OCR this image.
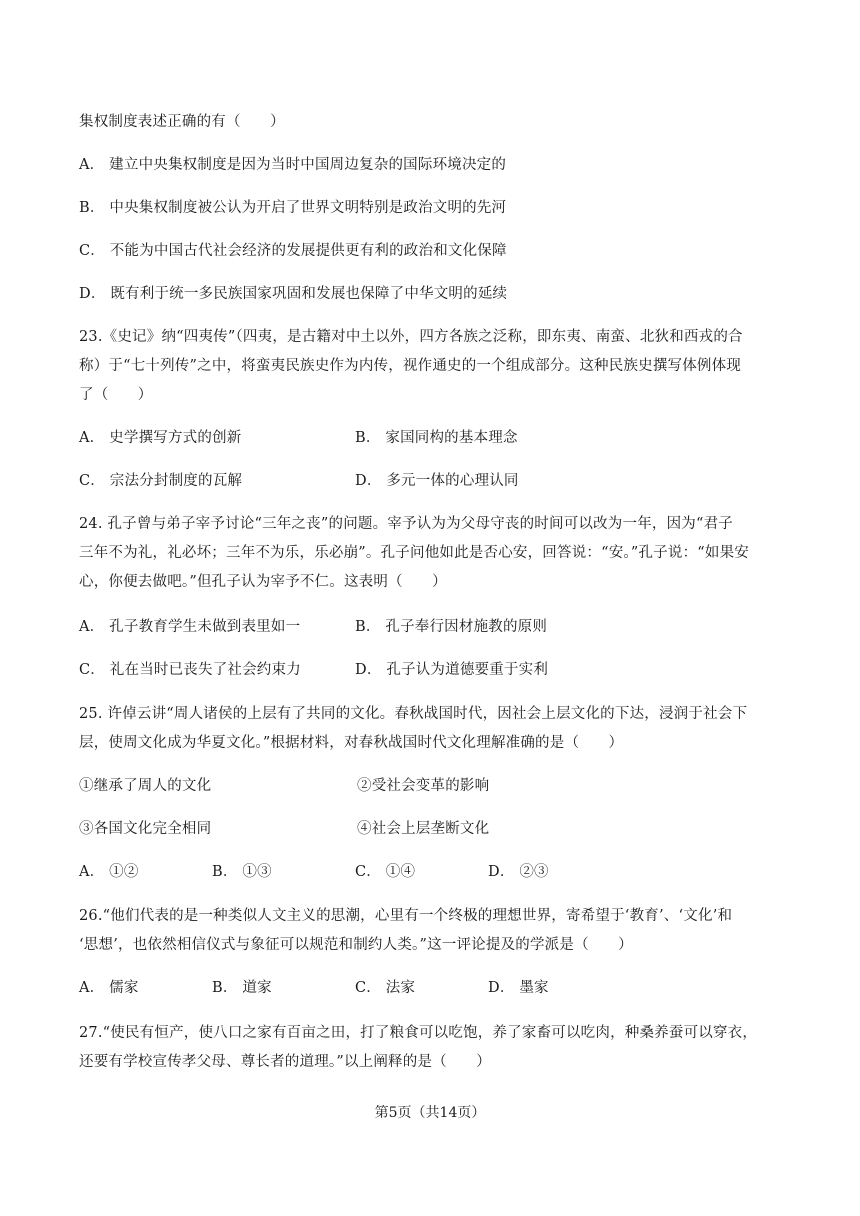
集权制度表述正确的有（　　）
A． 建立中央集权制度是因为当时中国周边复杂的国际环境决定的
B． 中央集权制度被公认为开启了世界文明特别是政治文明的先河
C． 不能为中国古代社会经济的发展提供更有利的政治和文化保障
D． 既有利于统一多民族国家巩固和发展也保障了中华文明的延续
23.《史记》纳“四夷传”（四夷，是古籍对中土以外，四方各族之泛称，即东夷、南蛮、北狄和西戎的合
称）于“七十列传”之中，将蛮夷民族史作为内传，视作通史的一个组成部分。这种民族史撰写体例体现
了（　　）
A． 史学撰写方式的创新	B． 家国同构的基本理念
C． 宗法分封制度的瓦解	D． 多元一体的心理认同
24. 孔子曾与弟子宰予讨论“三年之丧”的问题。宰予认为为父母守丧的时间可以改为一年，因为“君子
三年不为礼，礼必坏；三年不为乐，乐必崩”。孔子问他如此是否心安，回答说：“安。”孔子说：“如果安
心，你便去做吧。”但孔子认为宰予不仁。这表明（　　）
A． 孔子教育学生未做到表里如一	B． 孔子奉行因材施教的原则
C． 礼在当时已丧失了社会约束力	D． 孔子认为道德要重于实利
25. 许倬云讲“周人诸侯的上层有了共同的文化。春秋战国时代，因社会上层文化的下达，浸润于社会下
层，使周文化成为华夏文化。”根据材料，对春秋战国时代文化理解准确的是（　　）
①继承了周人的文化	②受社会变革的影响
③各国文化完全相同	④社会上层垄断文化
A． ①②	B． ①③	C． ①④	D． ②③
26.“他们代表的是一种类似人文主义的思潮，心里有一个终极的理想世界，寄希望于‘教育’、‘文化’和
‘思想’，也依然相信仪式与象征可以规范和制约人类。”这一评论提及的学派是（　　）
A． 儒家	B． 道家	C． 法家	D． 墨家
27.“使民有恒产，使八口之家有百亩之田，打了粮食可以吃饱，养了家畜可以吃肉，种桑养蚕可以穿衣，
还要有学校宣传孝父母、尊长者的道理。”以上阐释的是（　　）
第5页（共14页）
